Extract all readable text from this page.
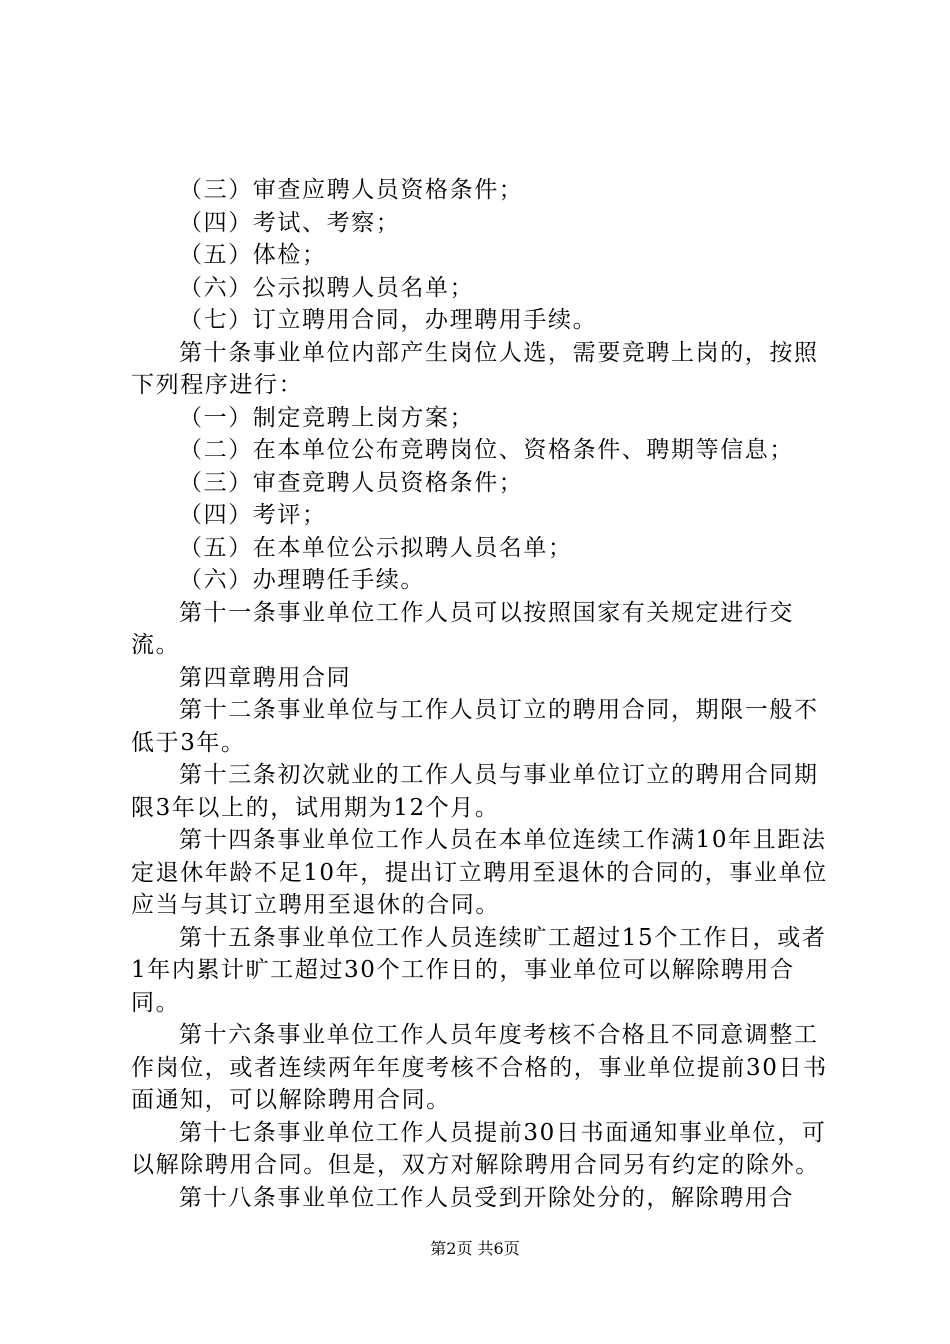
（三）审查应聘人员资格条件；

（四）考试、考察；

（五）体检；

（六）公示拟聘人员名单；

（七）订立聘用合同，办理聘用手续。

第十条事业单位内部产生岗位人选，需要竞聘上岗的，按照下列程序进行：

（一）制定竞聘上岗方案；

（二）在本单位公布竞聘岗位、资格条件、聘期等信息；

（三）审查竞聘人员资格条件；

（四）考评；

（五）在本单位公示拟聘人员名单；

（六）办理聘任手续。

第十一条事业单位工作人员可以按照国家有关规定进行交流。

第四章聘用合同

第十二条事业单位与工作人员订立的聘用合同，期限一般不低于3年。

第十三条初次就业的工作人员与事业单位订立的聘用合同期限3年以上的，试用期为12个月。

第十四条事业单位工作人员在本单位连续工作满10年且距法定退休年龄不足10年，提出订立聘用至退休的合同的，事业单位应当与其订立聘用至退休的合同。

第十五条事业单位工作人员连续旷工超过15个工作日，或者1年内累计旷工超过30个工作日的，事业单位可以解除聘用合同。

第十六条事业单位工作人员年度考核不合格且不同意调整工作岗位，或者连续两年年度考核不合格的，事业单位提前30日书面通知，可以解除聘用合同。

第十七条事业单位工作人员提前30日书面通知事业单位，可以解除聘用合同。但是，双方对解除聘用合同另有约定的除外。

第十八条事业单位工作人员受到开除处分的，解除聘用合

第2页 共6页
